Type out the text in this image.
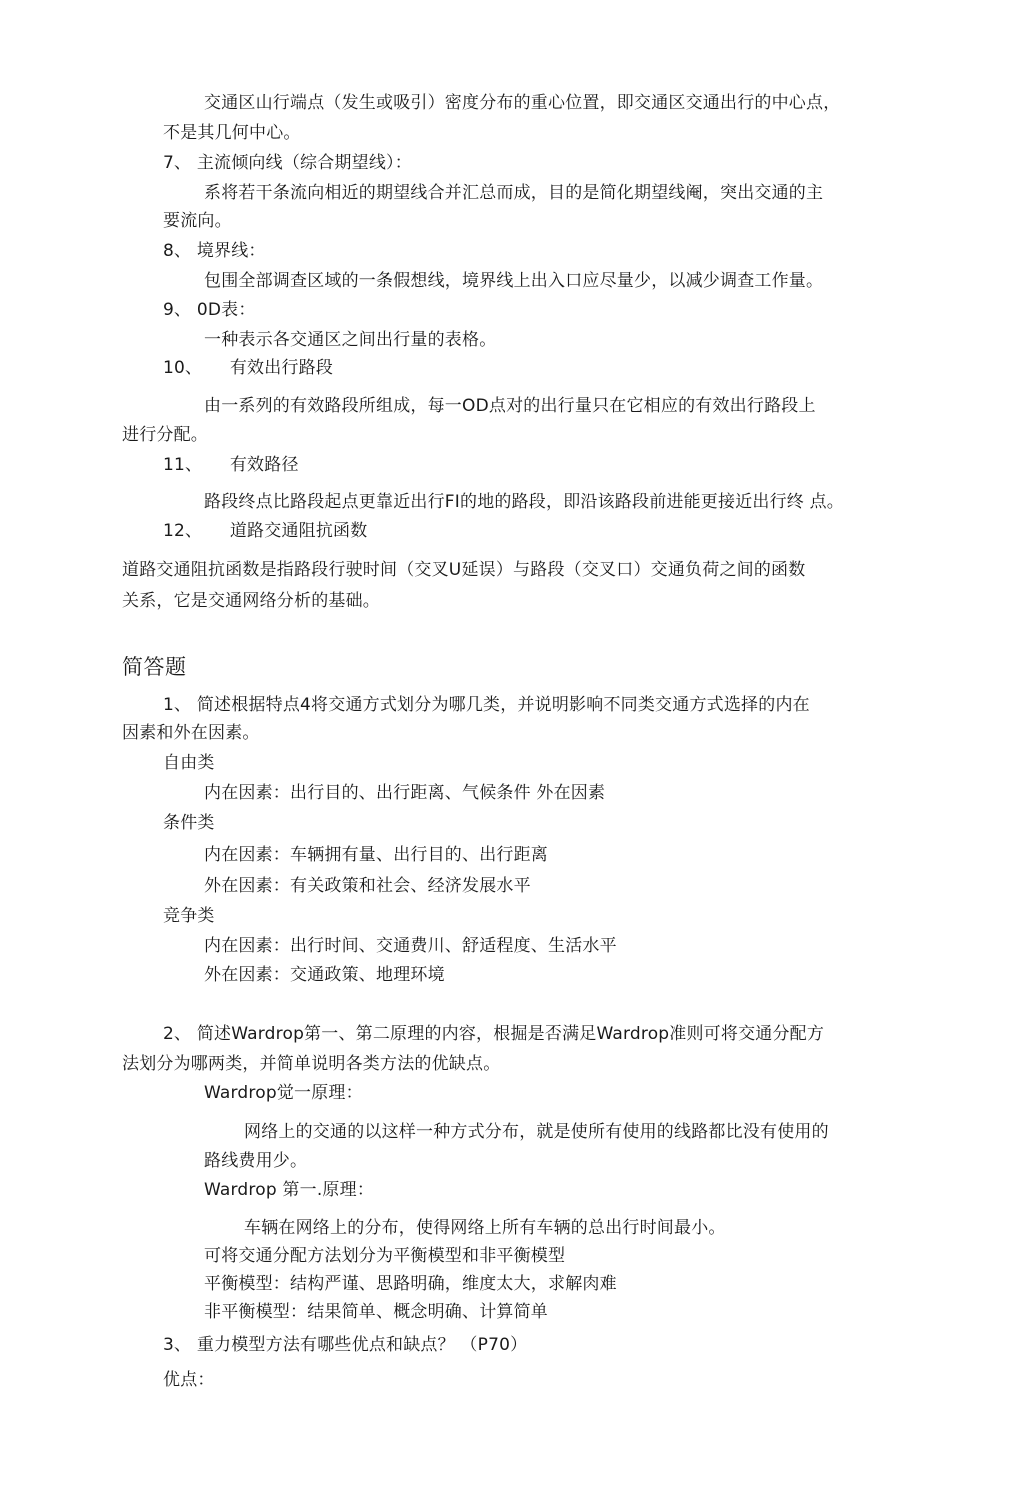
交通区山行端点（发生或吸引）密度分布的重心位置，即交通区交通出行的中心点，
不是其几何中心。
7、 主流倾向线（综合期望线）：
系将若干条流向相近的期望线合并汇总而成，目的是简化期望线阉，突出交通的主
要流向。
8、 境界线：
包围全部调查区域的一条假想线，境界线上出入口应尽量少，以减少调查工作量。
9、 0D表：
一种表示各交通区之间出行量的表格。
10、 有效出行路段
由一系列的有效路段所组成，每一OD点对的出行量只在它相应的有效出行路段上
进行分配。
11、 有效路径
路段终点比路段起点更靠近出行FI的地的路段，即沿该路段前进能更接近出行终 点。
12、 道路交通阻抗函数
道路交通阻抗函数是指路段行驶时间（交叉U延误）与路段（交叉口）交通负荷之间的函数
关系，它是交通网络分析的基础。
简答题
1、 简述根据特点4将交通方式划分为哪几类，并说明影响不同类交通方式选择的内在
因素和外在因素。
自由类
内在因素：出行目的、出行距离、气候条件 外在因素
条件类
内在因素：车辆拥有量、出行目的、出行距离
外在因素：有关政策和社会、经济发展水平
竞争类
内在因素：出行时间、交通费川、舒适程度、生活水平
外在因素：交通政策、地理环境
2、 简述Wardrop第一、第二原理的内容，根掘是否满足Wardrop准则可将交通分配方
法划分为哪两类，并简单说明各类方法的优缺点。
Wardrop觉一原理：
网络上的交通的以这样一种方式分布，就是使所有使用的线路都比没有使用的
路线费用少。
Wardrop 第一.原理：
车辆在网络上的分布，使得网络上所有车辆的总出行时间最小。
可将交通分配方法划分为平衡模型和非平衡模型
平衡模型：结构严谨、思路明确，维度太大，求解肉难
非平衡模型：结果简单、概念明确、计算简单
3、 重力模型方法有哪些优点和缺点？ （P70）
优点：
